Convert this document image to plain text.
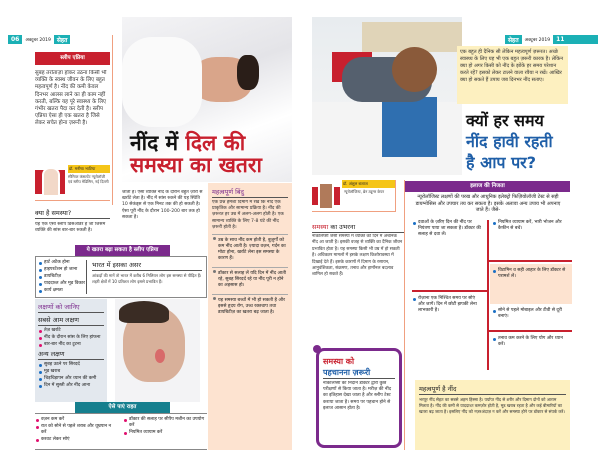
06	अक्टूबर 2019	सेहत
स्लीप एप्निया
सुबह तरोताज़ा होकर उठना किसी भी व्यक्ति के स्वस्थ जीवन के लिए बहुत महत्वपूर्ण है। नींद की कमी केवल दिनभर आलस लाने का ही काम नहीं करती, बल्कि यह पूरे स्वास्थ्य के लिए गंभीर खतरा पैदा कर देती है। स्लीप एप्निया ऐसा ही एक खतरा है जिसे लेकर सचेत होना ज़रूरी है।
डॉ. मनीषा भाटिया
सीनियर कंसल्टेंट न्यूरोलॉजी एवं स्लीप मेडिसिन, नई दिल्ली
क्या है समस्या?
यह एक ऐसा स्लीप डिसऑर्डर है जो जिसमें व्यक्ति की सांस बार-बार रुकती है।
नींद में दिल की
समस्या का खतरा
जाती है। ऐसा व्यक्ति नींद के दौरान बहुत ज़ोरों से खर्राटे लेता है। नींद में सांस रुकने की यह स्थिति 10 सेकंड्स से एक मिनट तक की हो सकती है। ऐसा पूरी नींद के दौरान 100-200 बार तक हो सकता है।
महत्वपूर्ण बिंदु
एक प्रश्न हमेशा दिमाग में रखें कि नींद एक प्राकृतिक और सामान्य प्रक्रिया है। नींद की ज़रूरत हर उम्र में अलग-अलग होती है। एक सामान्य व्यक्ति के लिए 7-8 घंटे की नींद ज़रूरी होती है।
उम्र के साथ नींद कम होती है, बुज़ुर्गों को कम नींद आती है। ज़्यादा वज़न, गर्दन का मोटा होना, खर्राटे लेना इस समस्या के कारण हैं।
डॉक्टर से सलाह लें यदि दिन में नींद आती रहे, सुबह सिरदर्द रहे या नींद पूरी न होने का अहसास हो।
यह समस्या बच्चों में भी हो सकती है और इससे हृदय रोग, उच्च रक्तचाप तथा डायबिटीज़ का खतरा बढ़ जाता है।
ये खतरा बढ़ा सकता है स्लीप एप्निया
हार्ट अटैक होना
हाइपरटेंशन हो जाना
डायबिटीज़
याददाश्त और मूड विकार
कार्य क्षमता
भारत में इसका असर
आंकड़ों की मानें तो भारत में करीब 6 मिलियन लोग इस समस्या से पीड़ित हैं। शहरी क्षेत्रों में 10 प्रतिशत लोग इससे प्रभावित हैं।
लक्षणों को जानिए
सबसे आम लक्षण
तेज़ खर्राटे
नींद के दौरान सांस के लिए हांफना
बार-बार नींद का टूटना
अन्य लक्षण
सुबह उठने पर सिरदर्द
मूड खराब
चिड़चिड़ापन और ध्यान की कमी
दिन में सुस्ती और नींद आना
ऐसे पाएं राहत
वज़न कम करें
रात को सोने से पहले शराब और धूम्रपान न करें
करवट लेकर सोएं
डॉक्टर की सलाह पर सीपैप मशीन का उपयोग करें
नियमित व्यायाम करें
सेहत	अक्टूबर 2019	11
एक बहुत ही दैनिक सी लेकिन महत्वपूर्ण ज़रूरत। अच्छे स्वास्थ्य के लिए यह भी एक बहुत ज़रूरी कारक है। लेकिन क्या हो अगर किसी को नींद के झोंके हर समय परेशान करते रहें? इसको लेकर टालने वाला रवैया न रखें। आखिर क्या हो सकते हैं उपाय जब दिनभर नींद सताए।
क्यों हर समय
नींद हावी रहती
है आप पर?
डॉ. अंशुल बजाज
न्यूरोलॉजिस्ट, ब्रेन ट्यूमर केयर
समस्या का उभरना
नार्कोलेप्सी जैसी समस्या में व्यक्ति को दिन में अचानक नींद आ जाती है। इसकी वजह से व्यक्ति का दैनिक जीवन प्रभावित होता है। यह समस्या किसी भी उम्र में हो सकती है। अधिकतर मामलों में इसके लक्षण किशोरावस्था में दिखाई देते हैं। इसके कारणों में दिमाग के रसायन, आनुवंशिकता, संक्रमण, तनाव और हार्मोनल बदलाव शामिल हो सकते हैं।
समस्या को
पहचानना ज़रूरी
नार्कोलेप्सी का निदान डॉक्टर द्वारा कुछ परीक्षणों से किया जाता है। मरीज़ की नींद का इतिहास देखा जाता है और स्लीप टेस्ट कराया जाता है। समय पर पहचान होने से इलाज आसान होता है।
इलाज की निजता
न्यूरोलॉजिस्ट लक्षणों की परख और आधुनिक इलेक्ट्रो फिज़ियोलॉजी टेस्ट से सही डायग्नोसिस और उपचार तय कर सकता है। इसके अलावा अन्य उपाय भी अपनाए जाते हैं। जैसे-
दवाओं के ज़रिए दिन की नींद पर नियंत्रण पाया जा सकता है। डॉक्टर की सलाह से दवा लें।
रोज़ाना एक निश्चित समय पर सोएं और जागें। दिन में छोटी झपकी लेना लाभकारी है।
नियमित व्यायाम करें, भारी भोजन और कैफीन से बचें।
विटामिन व सही आहार के लिए डॉक्टर से परामर्श लें।
सोने से पहले मोबाइल और टीवी से दूरी बनाएं।
तनाव कम करने के लिए योग और ध्यान करें।
महत्वपूर्ण है नींद
भरपूर नींद सेहत का सबसे अहम हिस्सा है। पर्याप्त नींद से शरीर और दिमाग दोनों को आराम मिलता है। नींद की कमी से याददाश्त कमज़ोर होती है, मूड खराब रहता है और कई बीमारियों का खतरा बढ़ जाता है। इसलिए नींद को नज़रअंदाज़ न करें और समस्या होने पर डॉक्टर से संपर्क करें।
